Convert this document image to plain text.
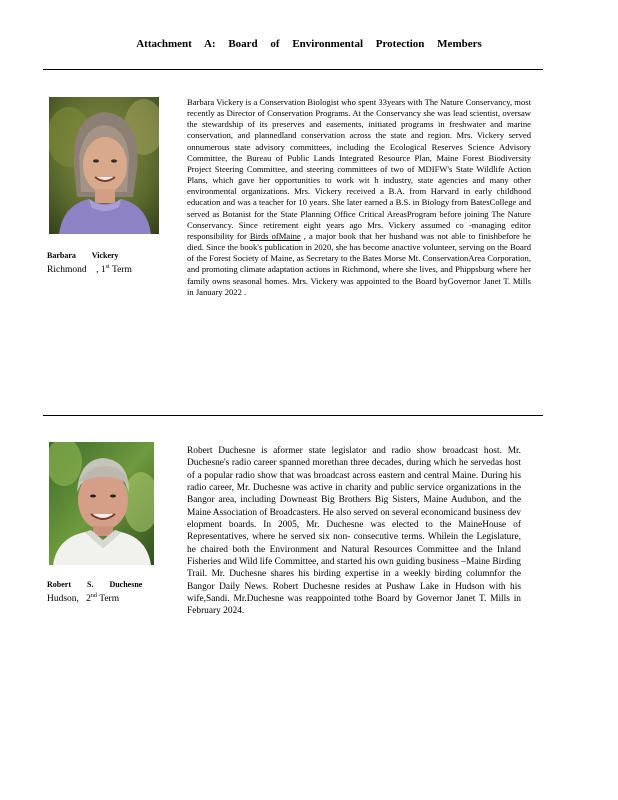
Attachment A: Board of Environmental Protection Members
Barbara Vickery
Richmond    , 1st Term

Barbara Vickery is a Conservation Biologist who spent 33years with The Nature Conservancy, most recently as Director of Conservation Programs. At the Conservancy she was lead scientist, oversaw the stewardship of its preserves and easements, initiated programs in freshwater and marine conservation, and plannedland conservation across the state and region. Mrs. Vickery served onnumerous state advisory committees, including the Ecological Reserves Science Advisory Committee, the Bureau of Public Lands Integrated Resource Plan, Maine Forest Biodiversity Project Steering Committee, and steering committees of two of MDIFW's State Wildlife Action Plans, which gave her opportunities to work wit h industry, state agencies and many other environmental organizations. Mrs. Vickery received a B.A. from Harvard in early childhood education and was a teacher for 10 years. She later earned a B.S. in Biology from BatesCollege and served as Botanist for the State Planning Office Critical AreasProgram before joining The Nature Conservancy. Since retirement eight years ago Mrs. Vickery assumed co -managing editor responsibility for Birds ofMaine , a major book that her husband was not able to finishbefore he died. Since the book's publication in 2020, she has become anactive volunteer, serving on the Board of the Forest Society of Maine, as Secretary to the Bates Morse Mt. ConservationArea Corporation, and promoting climate adaptation actions in Richmond, where she lives, and Phippsburg where her family owns seasonal homes. Mrs. Vickery was appointed to the Board byGovernor Janet T. Mills in January 2022 .

Robert S. Duchesne
Hudson, 2nd Term

Robert Duchesne is aformer state legislator and radio show broadcast host. Mr. Duchesne's radio career spanned morethan three decades, during which he servedas host of a popular radio show that was broadcast across eastern and central Maine. During his radio career, Mr. Duchesne was active in charity and public service organizations in the Bangor area, including Downeast Big Brothers Big Sisters, Maine Audubon, and the Maine Association of Broadcasters. He also served on several economicand business dev elopment boards. In 2005, Mr. Duchesne was elected to the MaineHouse of Representatives, where he served six non- consecutive terms. Whilein the Legislature, he chaired both the Environment and Natural Resources Committee and the Inland Fisheries and Wild life Committee, and started his own guiding business –Maine Birding Trail. Mr. Duchesne shares his birding expertise in a weekly birding columnfor the Bangor Daily News. Robert Duchesne resides at Pushaw Lake in Hudson with his wife,Sandi. Mr.Duchesne was reappointed tothe Board by Governor Janet T. Mills in February 2024.
